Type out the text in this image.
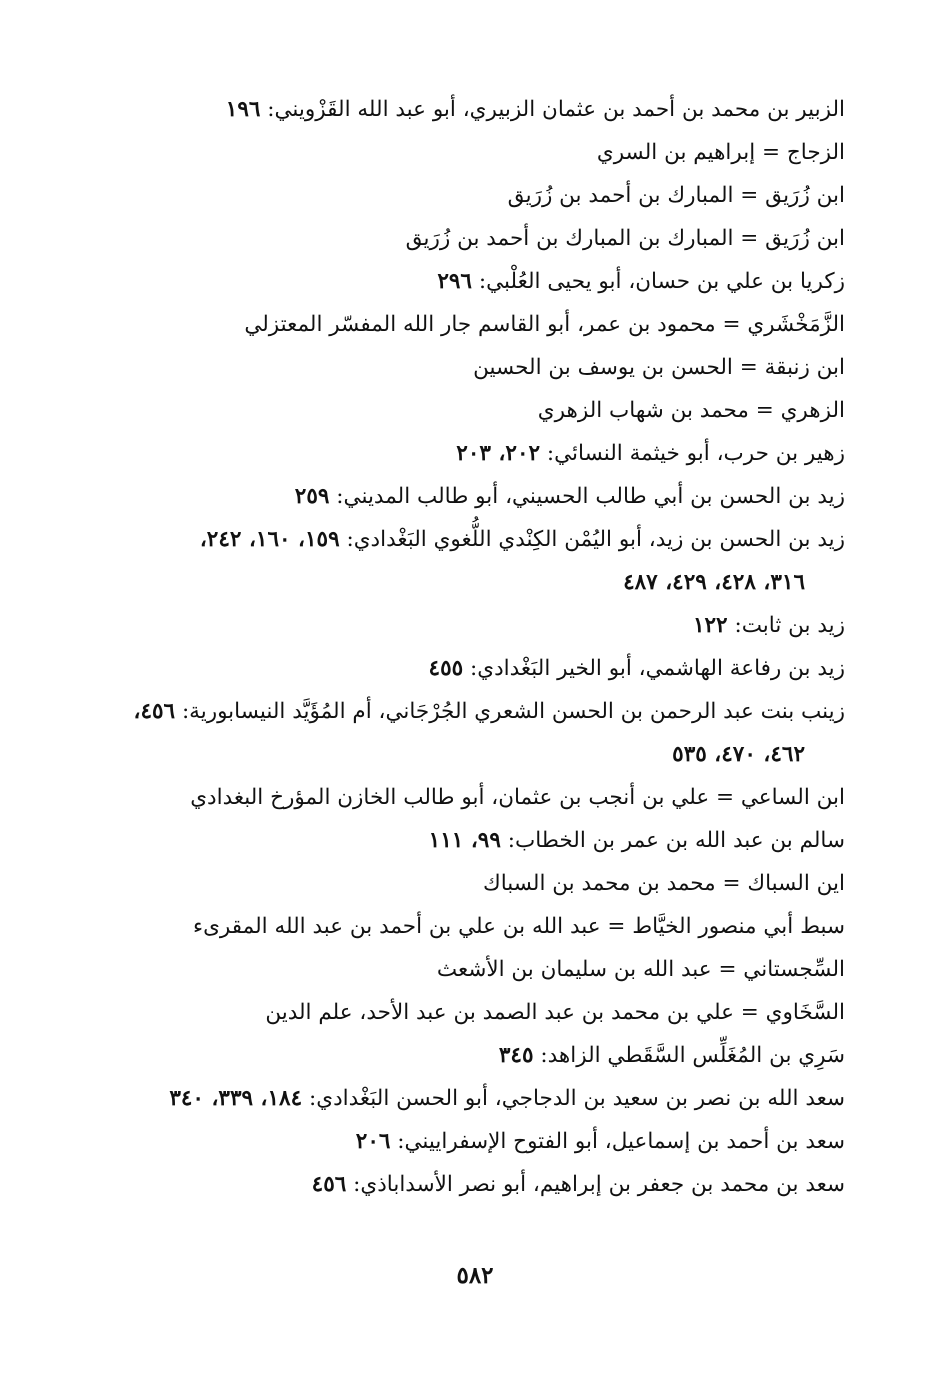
الزبير بن محمد بن أحمد بن عثمان الزبيري، أبو عبد الله القَزْويني: ١٩٦
الزجاج = إبراهيم بن السري
ابن زُرَيق = المبارك بن أحمد بن زُرَيق
ابن زُرَيق = المبارك بن المبارك بن أحمد بن زُرَيق
زكريا بن علي بن حسان، أبو يحيى العُلْبي: ٢٩٦
الزَّمَخْشَري = محمود بن عمر، أبو القاسم جار الله المفسّر المعتزلي
ابن زنبقة = الحسن بن يوسف بن الحسين
الزهري = محمد بن شهاب الزهري
زهير بن حرب، أبو خيثمة النسائي: ٢٠٢، ٢٠٣
زيد بن الحسن بن أبي طالب الحسيني، أبو طالب المديني: ٢٥٩
زيد بن الحسن بن زيد، أبو اليُمْن الكِنْدي اللُّغوي البَغْدادي: ١٥٩، ١٦٠، ٢٤٢،
٣١٦، ٤٢٨، ٤٢٩، ٤٨٧
زيد بن ثابت: ١٢٢
زيد بن رفاعة الهاشمي، أبو الخير البَغْدادي: ٤٥٥
زينب بنت عبد الرحمن بن الحسن الشعري الجُرْجَاني، أم المُؤَيَّد النيسابورية: ٤٥٦،
٤٦٢، ٤٧٠، ٥٣٥
ابن الساعي = علي بن أنجب بن عثمان، أبو طالب الخازن المؤرخ البغدادي
سالم بن عبد الله بن عمر بن الخطاب: ٩٩، ١١١
اين السباك = محمد بن محمد بن السباك
سبط أبي منصور الخيَّاط = عبد الله بن علي بن أحمد بن عبد الله المقرىء
السِّجستاني = عبد الله بن سليمان بن الأشعث
السَّخَاوي = علي بن محمد بن عبد الصمد بن عبد الأحد، علم الدين
سَرِي بن المُغَلِّس السَّقَطي الزاهد: ٣٤٥
سعد الله بن نصر بن سعيد بن الدجاجي، أبو الحسن البَغْدادي: ١٨٤، ٣٣٩، ٣٤٠
سعد بن أحمد بن إسماعيل، أبو الفتوح الإسفراييني: ٢٠٦
سعد بن محمد بن جعفر بن إبراهيم، أبو نصر الأسداباذي: ٤٥٦
٥٨٢
